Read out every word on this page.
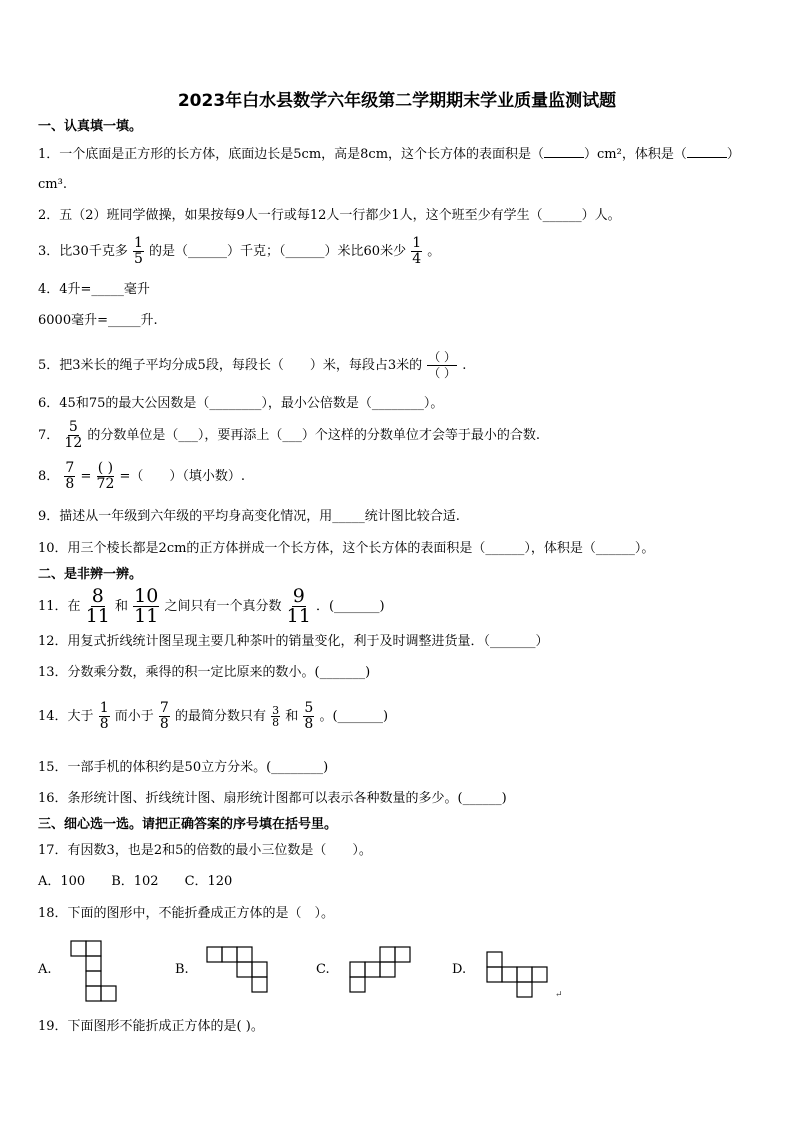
2023年白水县数学六年级第二学期期末学业质量监测试题
一、认真填一填。
1．一个底面是正方形的长方体，底面边长是5cm，高是8cm，这个长方体的表面积是（	）cm²，体积是（	）
cm³.
2．五（2）班同学做操，如果按每9人一行或每12人一行都少1人，这个班至少有学生（______）人。
3．比30千克多 $\frac{1}{5}$ 的是（______）千克；（______）米比60米少 $\frac{1}{4}$ 。
4．4升=_____毫升
6000毫升=_____升.
5．把3米长的绳子平均分成5段，每段长（　　）米，每段占3米的 $\frac{( )}{( )}$ .
6．45和75的最大公因数是（________），最小公倍数是（________）。
7． $\frac{5}{12}$ 的分数单位是（___），要再添上（___）个这样的分数单位才会等于最小的合数.
8． $\frac{7}{8} = \frac{( )}{72}$ =（　　）（填小数）.
9．描述从一年级到六年级的平均身高变化情况，用_____统计图比较合适.
10．用三个棱长都是2cm的正方体拼成一个长方体，这个长方体的表面积是（______），体积是（______）。
二、是非辨一辨。
11．在 $\frac{8}{11}$ 和 $\frac{10}{11}$ 之间只有一个真分数 $\frac{9}{11}$ ．(_______)
12．用复式折线统计图呈现主要几种茶叶的销量变化，利于及时调整进货量．（_______）
13．分数乘分数，乘得的积一定比原来的数小。(_______)
14．大于 $\frac{1}{8}$ 而小于 $\frac{7}{8}$ 的最简分数只有 $\frac{3}{8}$ 和 $\frac{5}{8}$ 。(_______)
15．一部手机的体积约是50立方分米。(________)
16．条形统计图、折线统计图、扇形统计图都可以表示各种数量的多少。(______)
三、细心选一选。请把正确答案的序号填在括号里。
17．有因数3，也是2和5的倍数的最小三位数是（　　）。
A．100　　B．102　　C．120
18．下面的图形中，不能折叠成正方体的是（　）。
A.	B.	C.	D.
↵
19．下面图形不能折成正方体的是( )。
